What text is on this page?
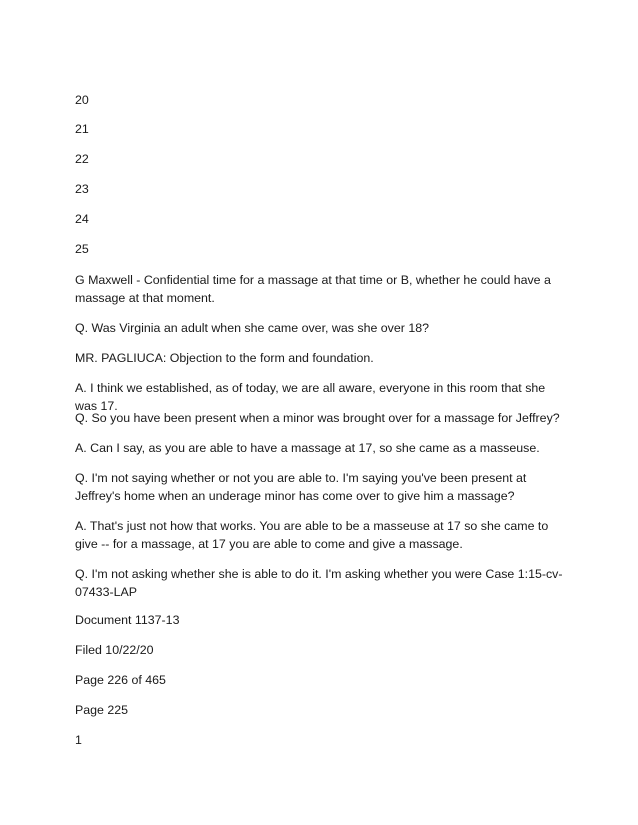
20
21
22
23
24
25
G Maxwell - Confidential time for a massage at that time or B, whether he could have a massage at that moment.
Q. Was Virginia an adult when she came over, was she over 18?
MR. PAGLIUCA: Objection to the form and foundation.
A. I think we established, as of today, we are all aware, everyone in this room that she was 17.
Q. So you have been present when a minor was brought over for a massage for Jeffrey?
A. Can I say, as you are able to have a massage at 17, so she came as a masseuse.
Q. I'm not saying whether or not you are able to. I'm saying you've been present at Jeffrey's home when an underage minor has come over to give him a massage?
A. That's just not how that works. You are able to be a masseuse at 17 so she came to give -- for a massage, at 17 you are able to come and give a massage.
Q. I'm not asking whether she is able to do it. I'm asking whether you were Case 1:15-cv-07433-LAP
Document 1137-13
Filed 10/22/20
Page 226 of 465
Page 225
1
